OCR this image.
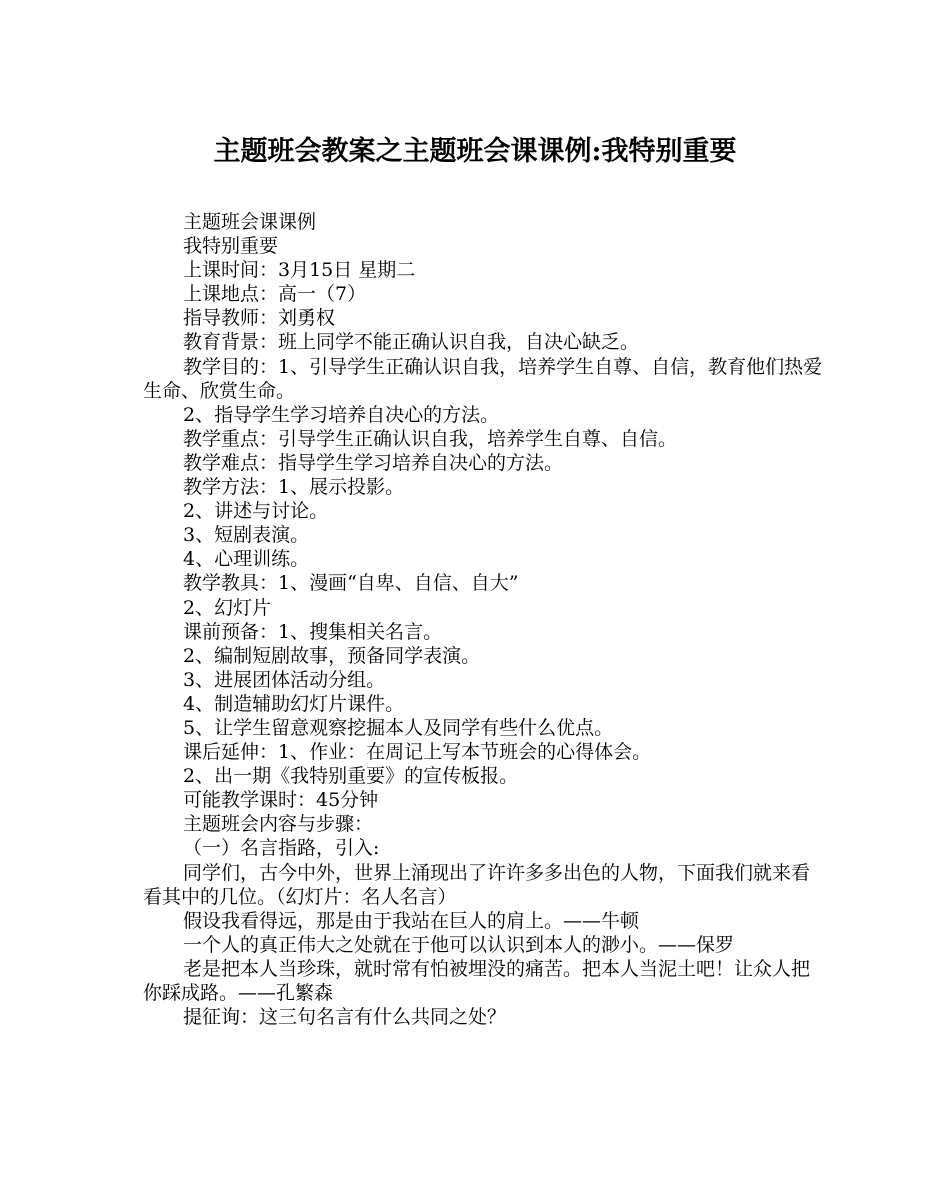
主题班会教案之主题班会课课例:我特别重要

主题班会课课例

我特别重要

上课时间：3月15日 星期二

上课地点：高一（7）

指导教师：刘勇权

教育背景：班上同学不能正确认识自我，自决心缺乏。

教学目的：1、引导学生正确认识自我，培养学生自尊、自信，教育他们热爱生命、欣赏生命。

2、指导学生学习培养自决心的方法。

教学重点：引导学生正确认识自我，培养学生自尊、自信。

教学难点：指导学生学习培养自决心的方法。

教学方法：1、展示投影。

2、讲述与讨论。

3、短剧表演。

4、心理训练。

教学教具：1、漫画“自卑、自信、自大”

2、幻灯片

课前预备：1、搜集相关名言。

2、编制短剧故事，预备同学表演。

3、进展团体活动分组。

4、制造辅助幻灯片课件。

5、让学生留意观察挖掘本人及同学有些什么优点。

课后延伸：1、作业：在周记上写本节班会的心得体会。

2、出一期《我特别重要》的宣传板报。

可能教学课时：45分钟

主题班会内容与步骤：

（一）名言指路，引入:

同学们，古今中外，世界上涌现出了许许多多出色的人物，下面我们就来看看其中的几位。（幻灯片：名人名言）

假设我看得远，那是由于我站在巨人的肩上。——牛顿

一个人的真正伟大之处就在于他可以认识到本人的渺小。——保罗

老是把本人当珍珠，就时常有怕被埋没的痛苦。把本人当泥土吧！让众人把你踩成路。——孔繁森

提征询：这三句名言有什么共同之处？
